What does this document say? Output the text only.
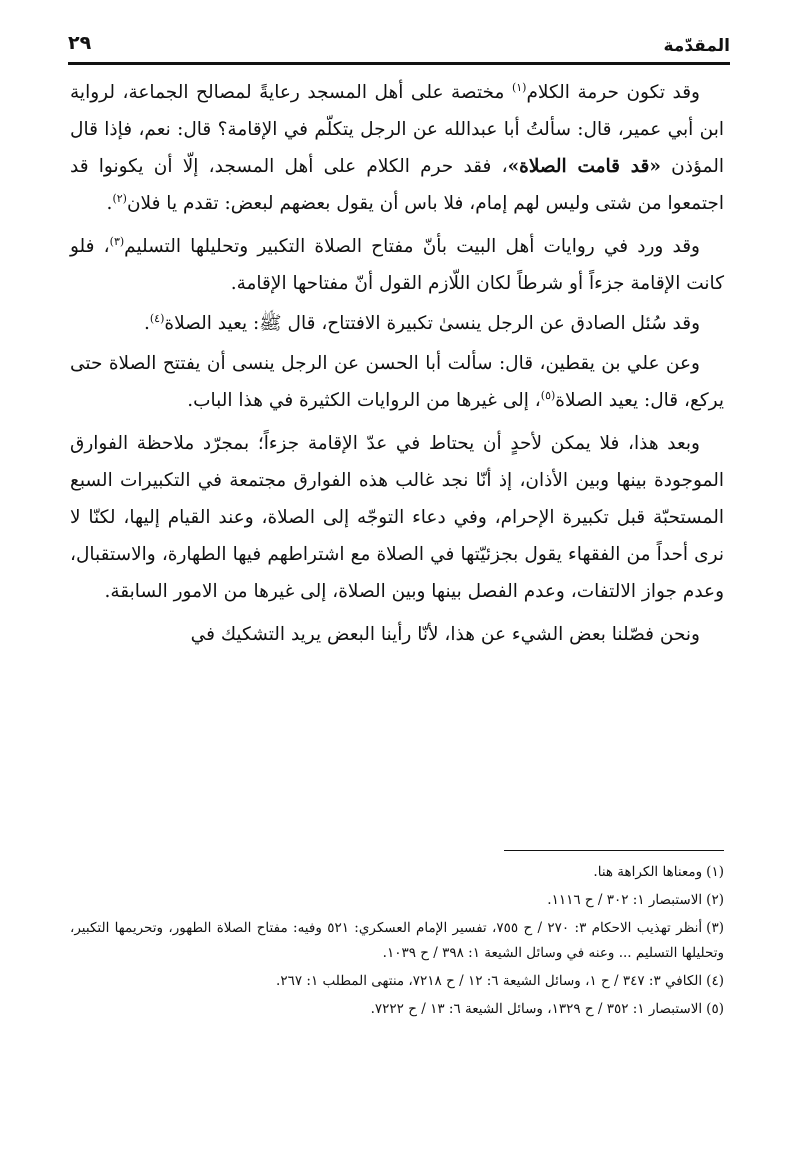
المقدّمة
٢٩

وقد تكون حرمة الكلام$^{(١)}$ مختصة على أهل المسجد رعايةً لمصالح الجماعة، لرواية ابن أبي عمير، قال: سألتُ أبا عبدالله عن الرجل يتكلّم في الإقامة؟ قال: نعم، فإذا قال المؤذن «قد قامت الصلاة»، فقد حرم الكلام على أهل المسجد، إلّا أن يكونوا قد اجتمعوا من شتى وليس لهم إمام، فلا باس أن يقول بعضهم لبعض: تقدم يا فلان$^{(٢)}$.

وقد ورد في روايات أهل البيت بأنّ مفتاح الصلاة التكبير وتحليلها التسليم$^{(٣)}$، فلو كانت الإقامة جزءاً أو شرطاً لكان اللّازم القول أنّ مفتاحها الإقامة.

وقد سُئل الصادق عن الرجل ينسىٰ تكبيرة الافتتاح، قال ﷺ: يعيد الصلاة$^{(٤)}$.

وعن علي بن يقطين، قال: سألت أبا الحسن عن الرجل ينسى أن يفتتح الصلاة حتى يركع، قال: يعيد الصلاة$^{(٥)}$، إلى غيرها من الروايات الكثيرة في هذا الباب.

وبعد هذا، فلا يمكن لأحدٍ أن يحتاط في عدّ الإقامة جزءاً؛ بمجرّد ملاحظة الفوارق الموجودة بينها وبين الأذان، إذ أنّا نجد غالب هذه الفوارق مجتمعة في التكبيرات السبع المستحبّة قبل تكبيرة الإحرام، وفي دعاء التوجّه إلى الصلاة، وعند القيام إليها، لكنّا لا نرى أحداً من الفقهاء يقول بجزئيّتها في الصلاة مع اشتراطهم فيها الطهارة، والاستقبال، وعدم جواز الالتفات، وعدم الفصل بينها وبين الصلاة، إلى غيرها من الامور السابقة.

ونحن فصّلنا بعض الشيء عن هذا، لأنّا رأينا البعض يريد التشكيك في

(١)ومعناها الكراهة هنا.
(٢)الاستبصار ١: ٣٠٢ / ح ١١١٦.
(٣)أنظر تهذيب الاحكام ٣: ٢٧٠ / ح ٧٥٥، تفسير الإمام العسكري: ٥٢١ وفيه: مفتاح الصلاة الطهور، وتحريمها التكبير، وتحليلها التسليم ... وعنه في وسائل الشيعة ١: ٣٩٨ / ح ١٠٣٩.
(٤)الكافي ٣: ٣٤٧ / ح ١، وسائل الشيعة ٦: ١٢ / ح ٧٢١٨، منتهى المطلب ١: ٢٦٧.
(٥)الاستبصار ١: ٣٥٢ / ح ١٣٢٩، وسائل الشيعة ٦: ١٣ / ح ٧٢٢٢.
